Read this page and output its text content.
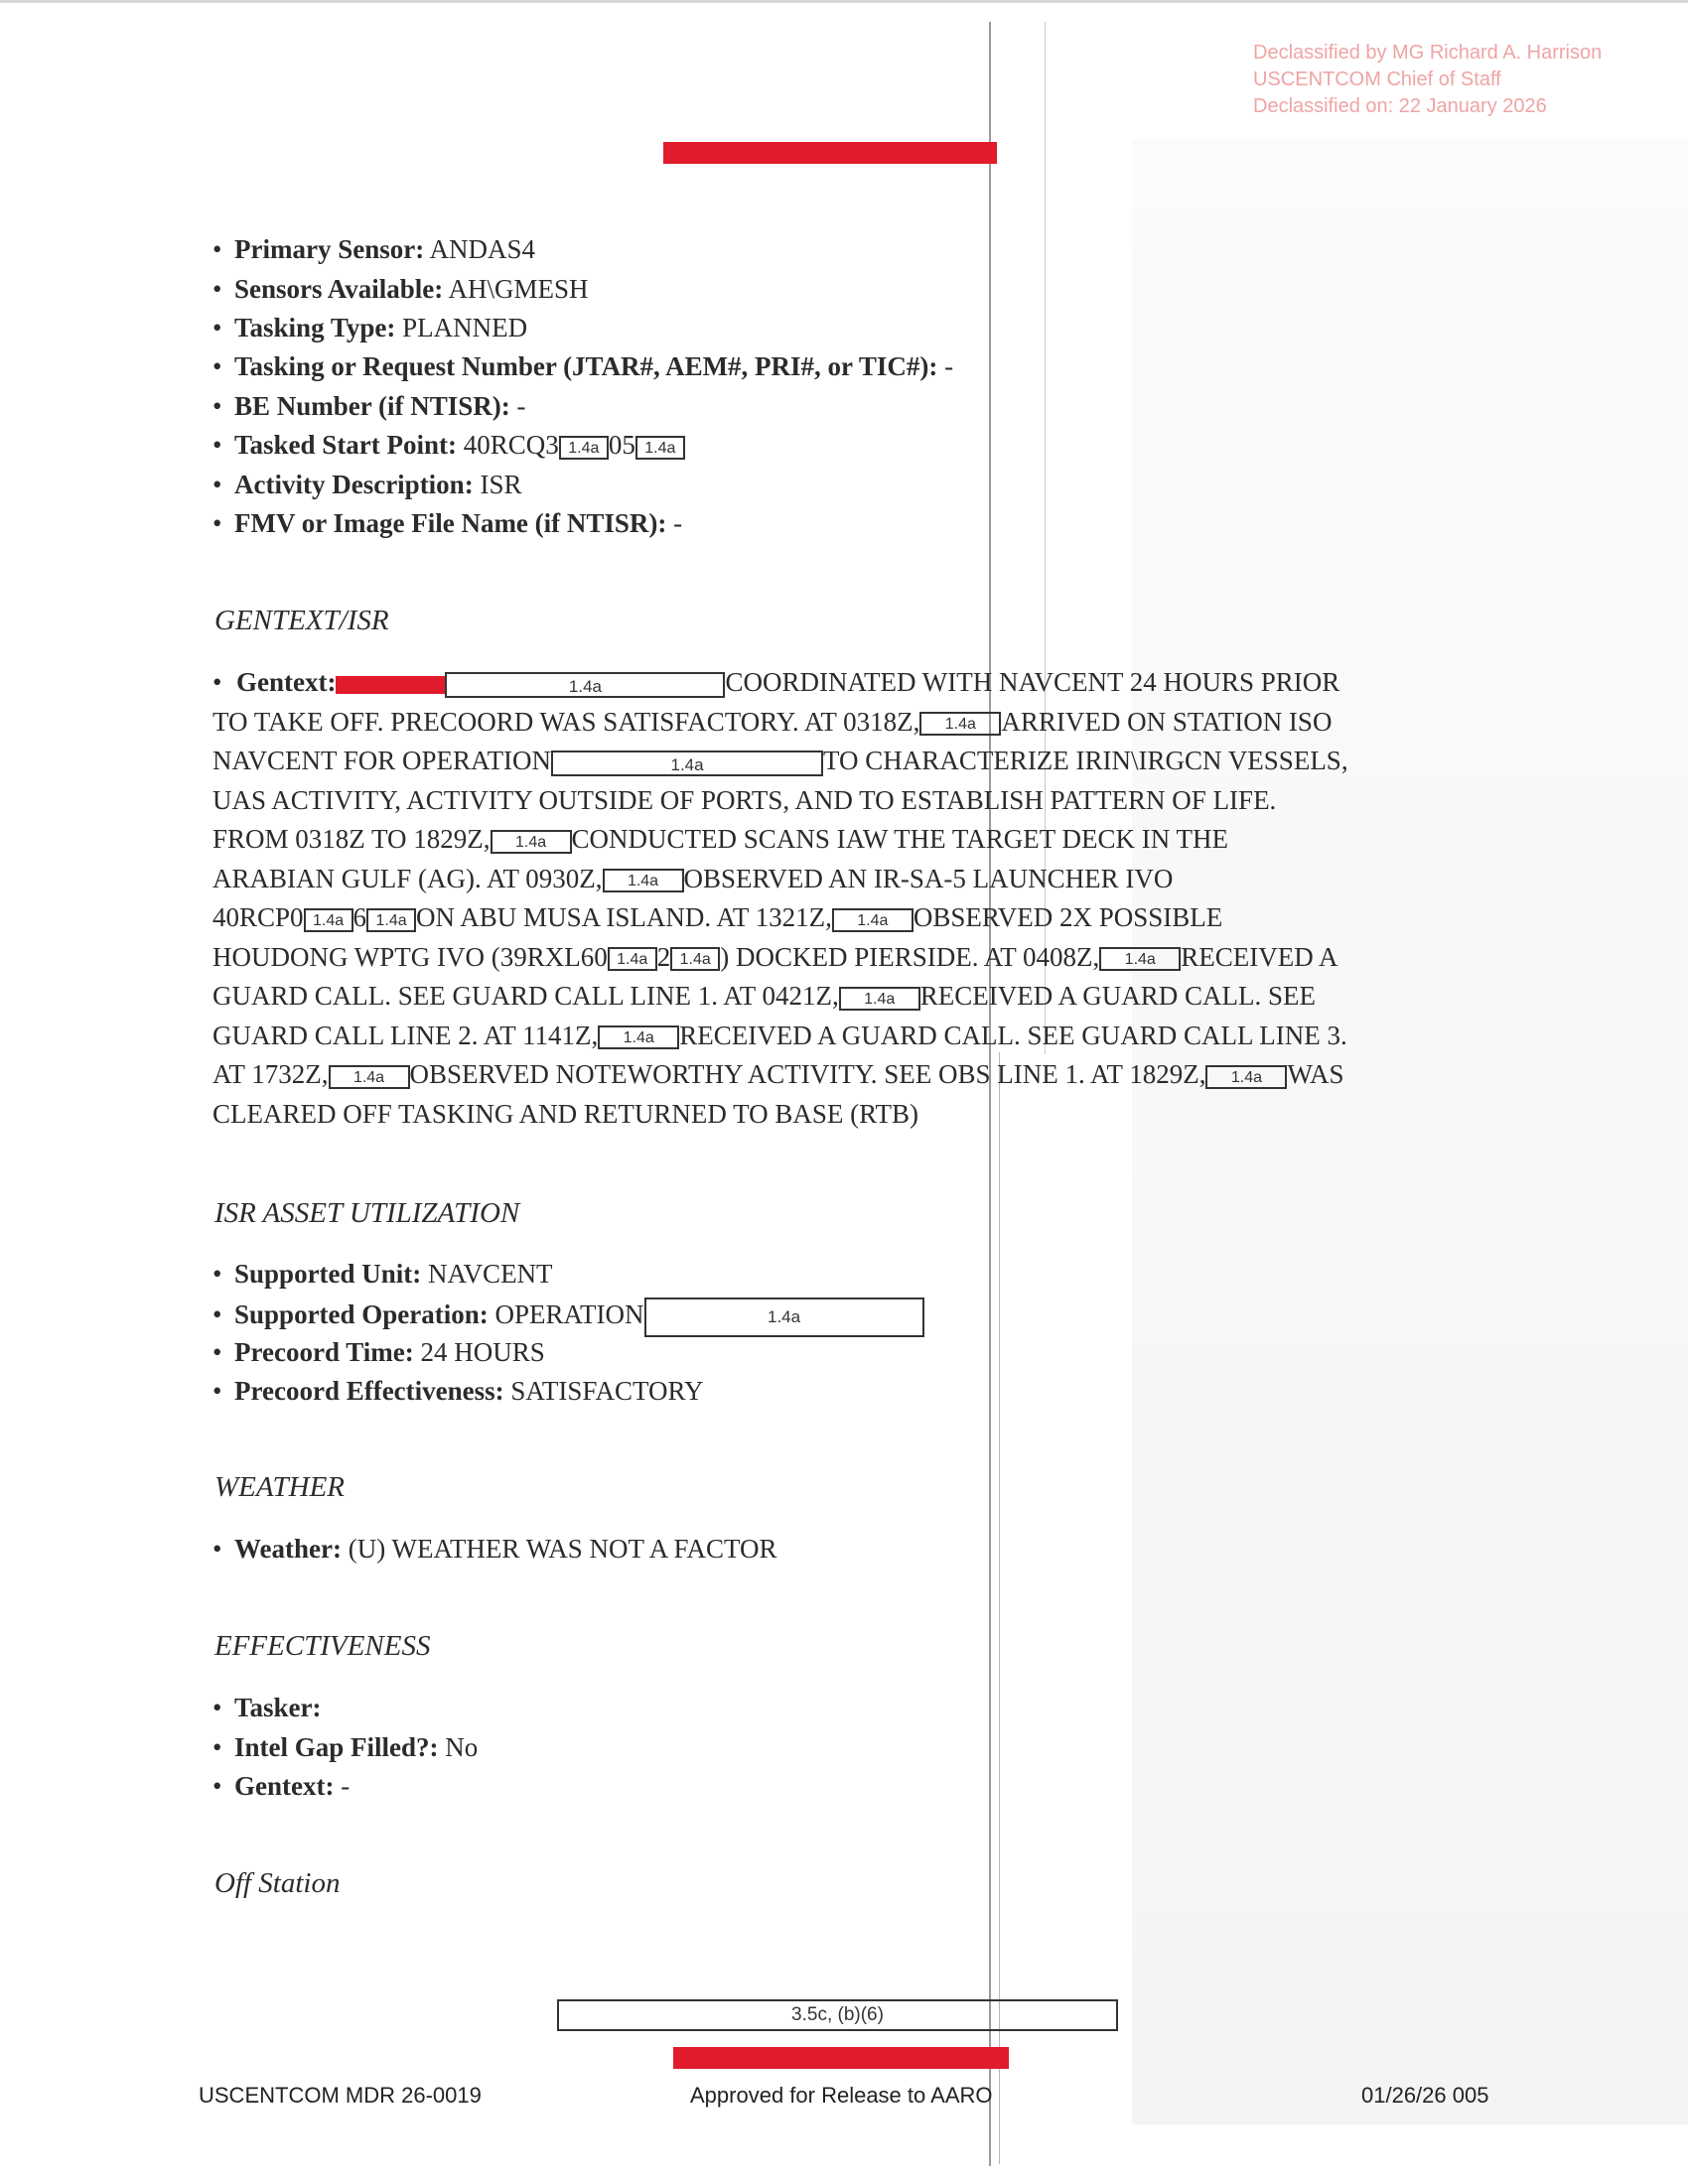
Declassified by MG Richard A. Harrison
USCENTCOM Chief of Staff
Declassified on: 22 January 2026
• Primary Sensor: ANDAS4
• Sensors Available: AH\GMESH
• Tasking Type: PLANNED
• Tasking or Request Number (JTAR#, AEM#, PRI#, or TIC#): -
• BE Number (if NTISR): -
• Tasked Start Point: 40RCQ3 1.4a 05 1.4a
• Activity Description: ISR
• FMV or Image File Name (if NTISR): -
GENTEXT/ISR
• Gentext:	1.4a	COORDINATED WITH NAVCENT 24 HOURS PRIOR
TO TAKE OFF. PRECOORD WAS SATISFACTORY. AT 0318Z, 1.4a ARRIVED ON STATION ISO
NAVCENT FOR OPERATION	1.4a	TO CHARACTERIZE IRIN\IRGCN VESSELS,
UAS ACTIVITY, ACTIVITY OUTSIDE OF PORTS, AND TO ESTABLISH PATTERN OF LIFE.
FROM 0318Z TO 1829Z, 1.4a CONDUCTED SCANS IAW THE TARGET DECK IN THE
ARABIAN GULF (AG). AT 0930Z, 1.4a OBSERVED AN IR-SA-5 LAUNCHER IVO
40RCP0 1.4a 6 1.4a ON ABU MUSA ISLAND. AT 1321Z, 1.4a OBSERVED 2X POSSIBLE
HOUDONG WPTG IVO (39RXL60 1.4a 2 1.4a ) DOCKED PIERSIDE. AT 0408Z, 1.4a RECEIVED A
GUARD CALL. SEE GUARD CALL LINE 1. AT 0421Z, 1.4a RECEIVED A GUARD CALL. SEE
GUARD CALL LINE 2. AT 1141Z, 1.4a RECEIVED A GUARD CALL. SEE GUARD CALL LINE 3.
AT 1732Z, 1.4a OBSERVED NOTEWORTHY ACTIVITY. SEE OBS LINE 1. AT 1829Z, 1.4a WAS
CLEARED OFF TASKING AND RETURNED TO BASE (RTB)
ISR ASSET UTILIZATION
• Supported Unit: NAVCENT
• Supported Operation: OPERATION	1.4a
• Precoord Time: 24 HOURS
• Precoord Effectiveness: SATISFACTORY
WEATHER
• Weather: (U) WEATHER WAS NOT A FACTOR
EFFECTIVENESS
• Tasker:
• Intel Gap Filled?: No
• Gentext: -
Off Station
3.5c, (b)(6)
USCENTCOM MDR 26-0019	Approved for Release to AARO	01/26/26 005
